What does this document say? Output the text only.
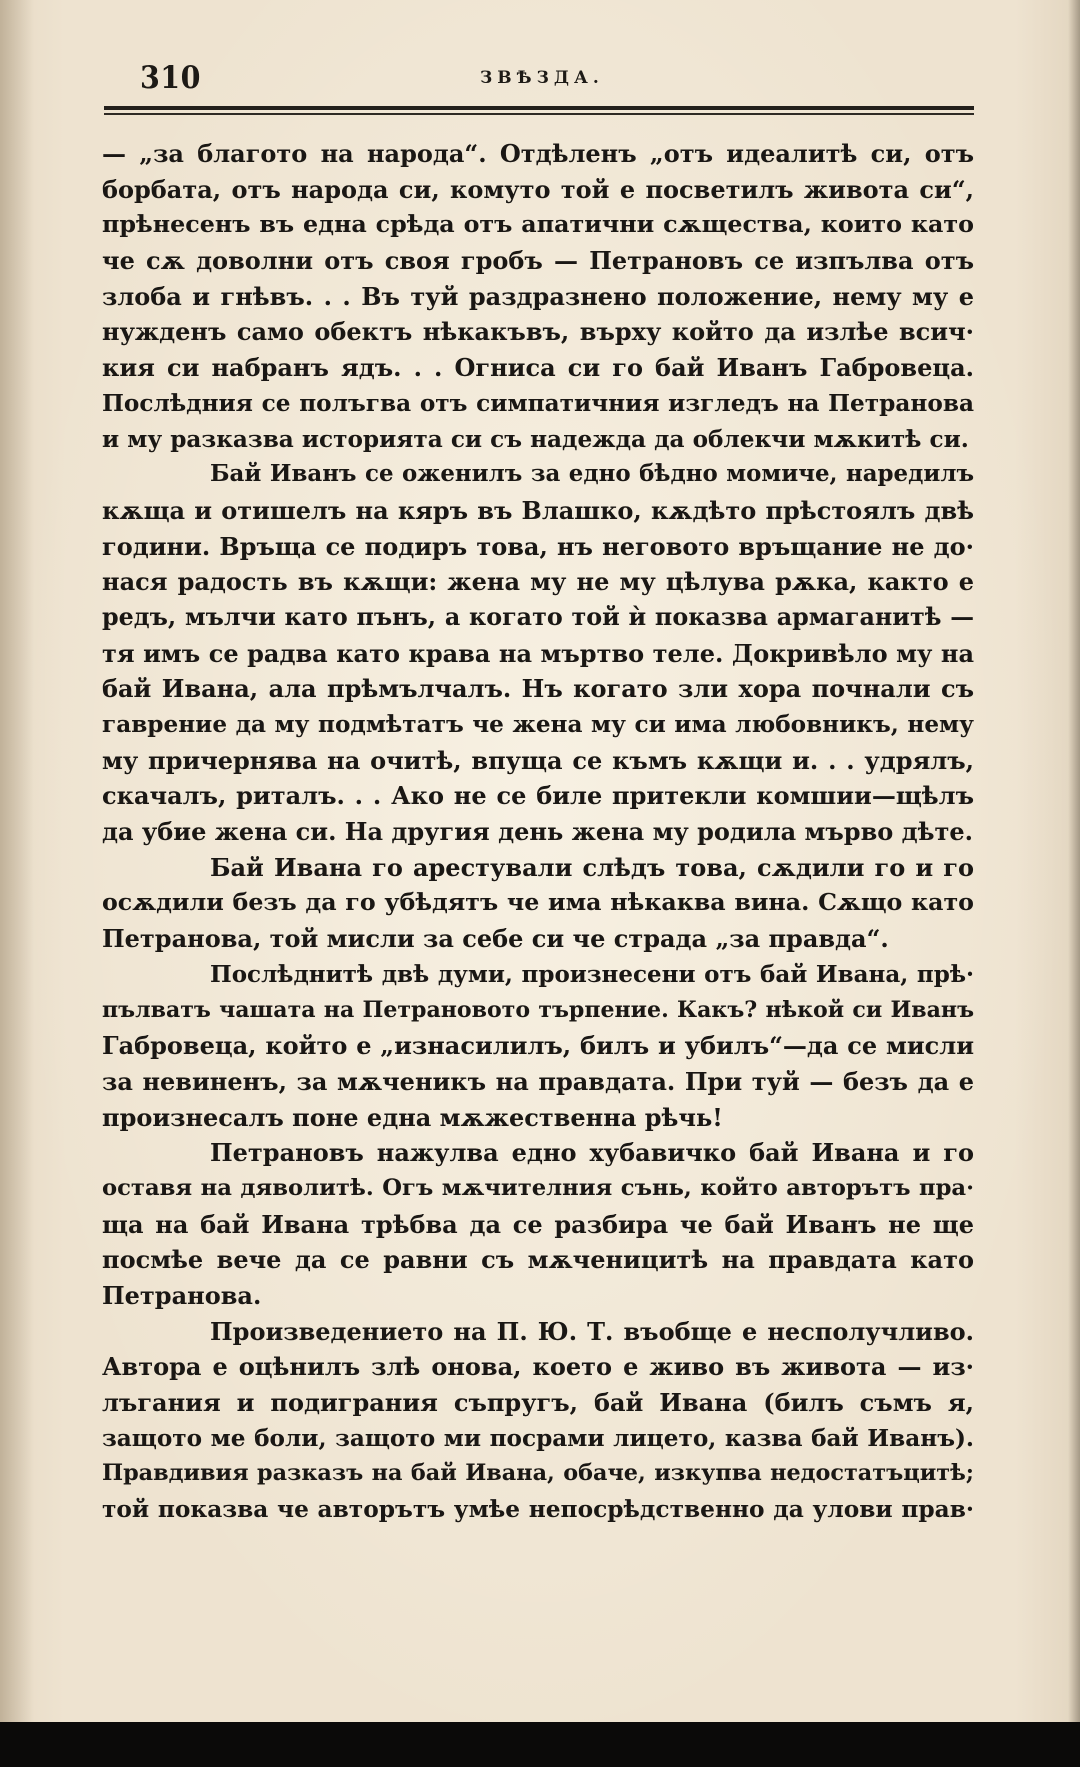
310	ЗВѢЗДА.
— „за благото на народа“. Отдѣленъ „отъ идеалитѣ си, отъ
борбата, отъ народа си, комуто той е посветилъ живота си“,
прѣнесенъ въ една срѣда отъ апатични сѫщества, които като
че сѫ доволни отъ своя гробъ — Петрановъ се изпълва отъ
злоба и гнѣвъ. . . Въ туй раздразнено положение, нему му е
нужденъ само обектъ нѣкакъвъ, върху който да излѣе всич·
кия си набранъ ядъ. . . Огниса си го бай Иванъ Габровеца.
Послѣдния се полъгва отъ симпатичния изгледъ на Петранова
и му разказва историята си съ надежда да облекчи мѫкитѣ си.
Бай Иванъ се оженилъ за едно бѣдно момиче, наредилъ
кѫща и отишелъ на кяръ въ Влашко, кѫдѣто прѣстоялъ двѣ
години. Връща се подиръ това, нъ неговото връщание не до·
нася радость въ кѫщи: жена му не му цѣлува рѫка, както е
редъ, мълчи като пънъ, а когато той ѝ показва армаганитѣ —
тя имъ се радва като крава на мъртво теле. Докривѣло му на
бай Ивана, ала прѣмълчалъ. Нъ когато зли хора почнали съ
гаврение да му подмѣтатъ че жена му си има любовникъ, нему
му причернява на очитѣ, впуща се къмъ кѫщи и. . . удрялъ,
скачалъ, риталъ. . . Ако не се биле притекли комшии—щѣлъ
да убие жена си. На другия день жена му родила мърво дѣте.
Бай Ивана го арестували слѣдъ това, сѫдили го и го
осѫдили безъ да го убѣдятъ че има нѣкаква вина. Сѫщо като
Петранова, той мисли за себе си че страда „за правда“.
Послѣднитѣ двѣ думи, произнесени отъ бай Ивана, прѣ·
пълватъ чашата на Петрановото търпение. Какъ? нѣкой си Иванъ
Габровеца, който е „изнасилилъ, билъ и убилъ“—да се мисли
за невиненъ, за мѫченикъ на правдата. При туй — безъ да е
произнесалъ поне една мѫжественна рѣчь!
Петрановъ нажулва едно хубавичко бай Ивана и го
оставя на дяволитѣ. Огъ мѫчителния сънь, който авторътъ пра·
ща на бай Ивана трѣбва да се разбира че бай Иванъ не ще
посмѣе вече да се равни съ мѫченицитѣ на правдата като
Петранова.
Произведението на П. Ю. Т. въобще е несполучливо.
Автора е оцѣнилъ злѣ онова, което е живо въ живота — из·
лъгания и подиграния съпругъ, бай Ивана (билъ съмъ я,
защото ме боли, защото ми посрами лицето, казва бай Иванъ).
Правдивия разказъ на бай Ивана, обаче, изкупва недостатъцитѣ;
той показва че авторътъ умѣе непосрѣдственно да улови прав·
